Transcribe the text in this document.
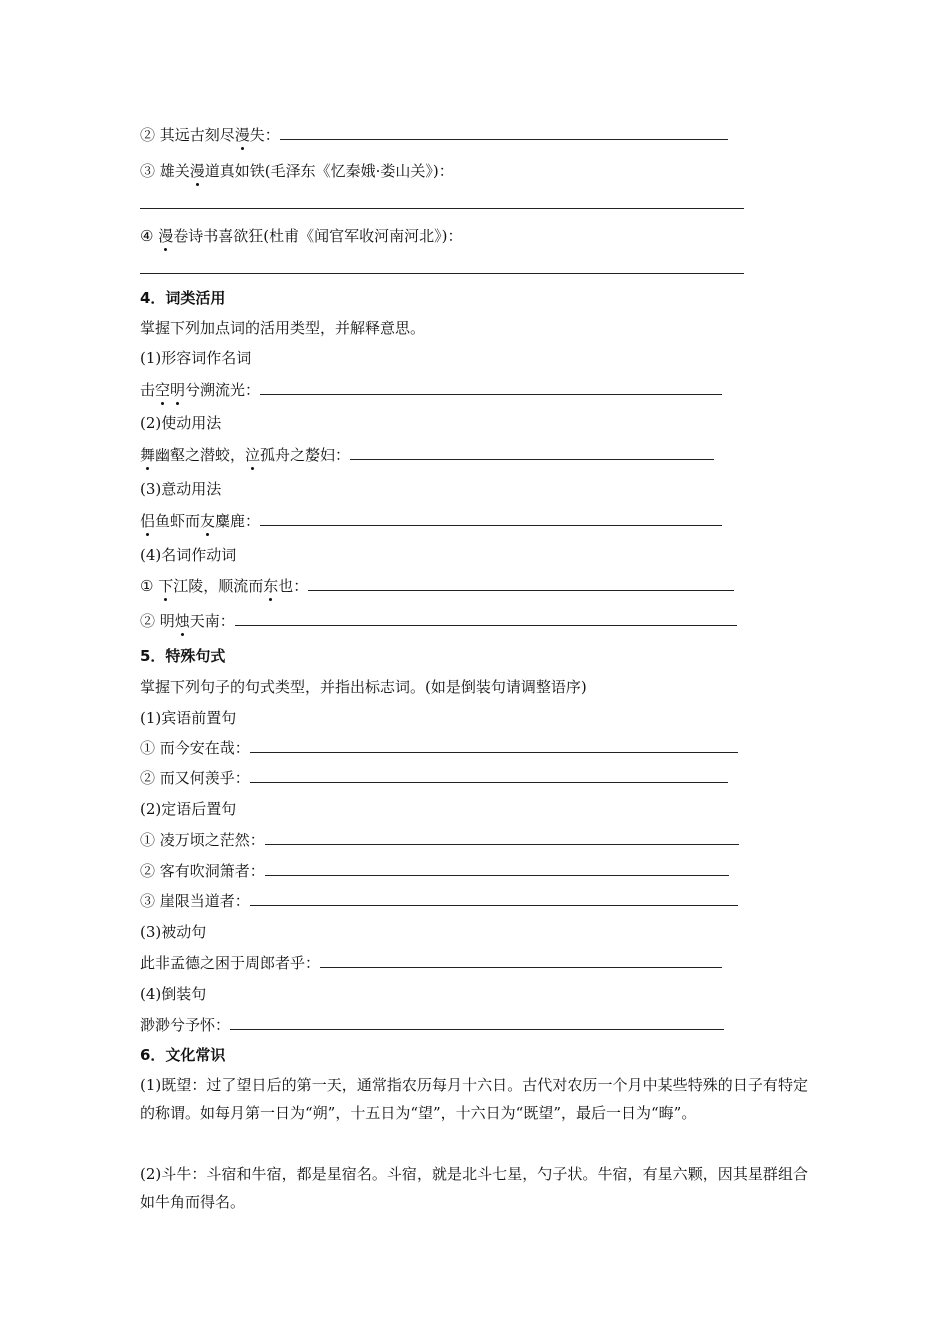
② 其远古刻尽漫失：
③ 雄关漫道真如铁(毛泽东《忆秦娥·娄山关》)：
④ 漫卷诗书喜欲狂(杜甫《闻官军收河南河北》)：
4．词类活用
掌握下列加点词的活用类型，并解释意思。
(1)形容词作名词
击空明兮溯流光：
(2)使动用法
舞幽壑之潜蛟，泣孤舟之嫠妇：
(3)意动用法
侣鱼虾而友麋鹿：
(4)名词作动词
① 下江陵，顺流而东也：
② 明烛天南：
5．特殊句式
掌握下列句子的句式类型，并指出标志词。(如是倒装句请调整语序)
(1)宾语前置句
① 而今安在哉：
② 而又何羡乎：
(2)定语后置句
① 凌万顷之茫然：
② 客有吹洞箫者：
③ 崖限当道者：
(3)被动句
此非孟德之困于周郎者乎：
(4)倒装句
渺渺兮予怀：
6．文化常识
(1)既望：过了望日后的第一天，通常指农历每月十六日。古代对农历一个月中某些特殊的日子有特定的称谓。如每月第一日为“朔”，十五日为“望”，十六日为“既望”，最后一日为“晦”。
(2)斗牛：斗宿和牛宿，都是星宿名。斗宿，就是北斗七星，勺子状。牛宿，有星六颗，因其星群组合如牛角而得名。
